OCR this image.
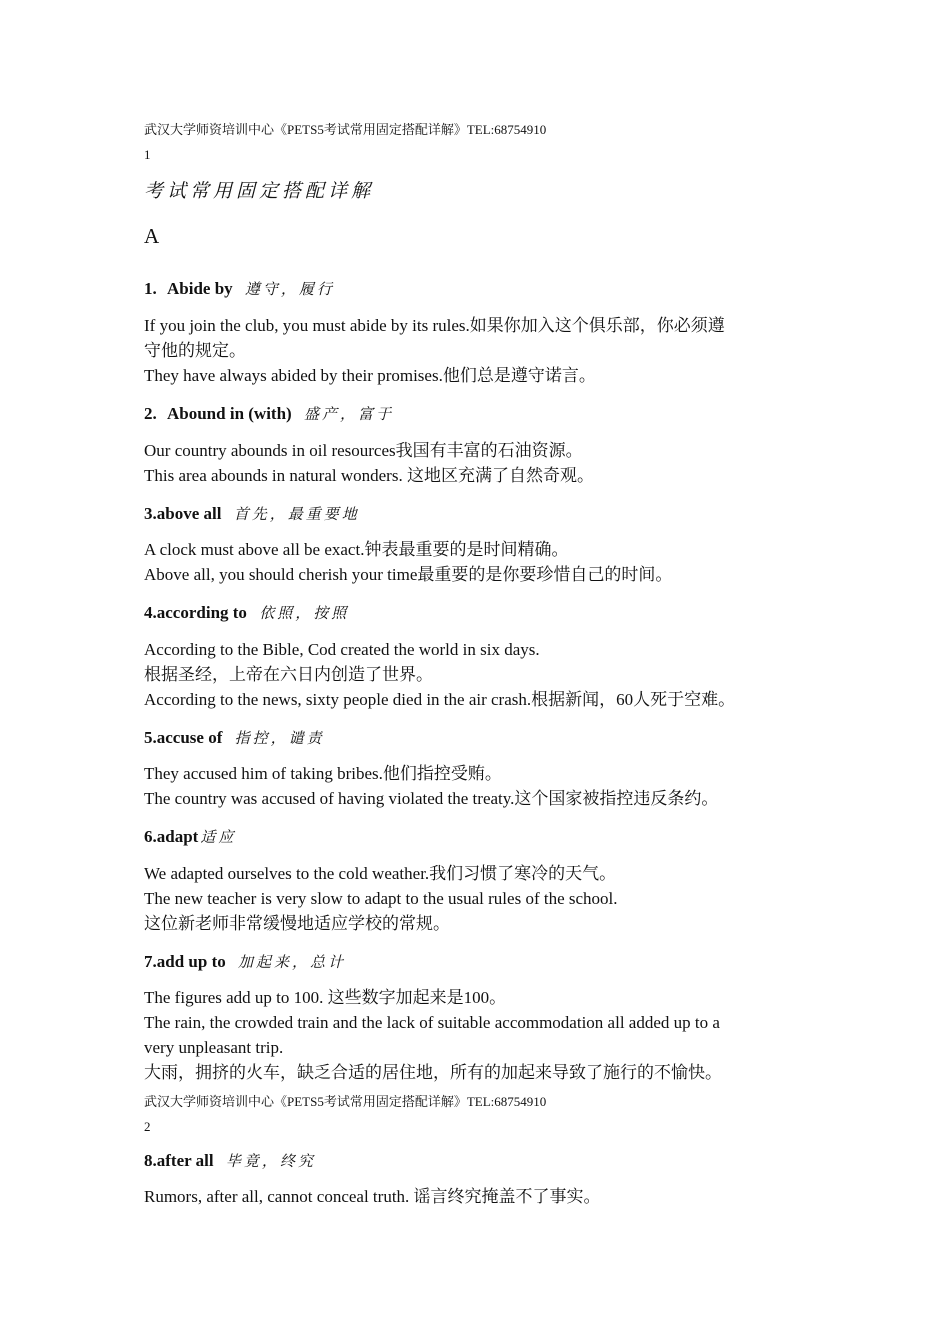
武汉大学师资培训中心《PETS5考试常用固定搭配详解》TEL:68754910
1
考试常用固定搭配详解
A
1. Abide by 遵守，履行
If you join the club, you must abide by its rules.如果你加入这个俱乐部，你必须遵
守他的规定。
They have always abided by their promises.他们总是遵守诺言。
2. Abound in (with) 盛产，富于
Our country abounds in oil resources我国有丰富的石油资源。
This area abounds in natural wonders. 这地区充满了自然奇观。
3.above all 首先，最重要地
A clock must above all be exact.钟表最重要的是时间精确。
Above all, you should cherish your time最重要的是你要珍惜自己的时间。
4.according to 依照，按照
According to the Bible, Cod created the world in six days.
根据圣经，上帝在六日内创造了世界。
According to the news, sixty people died in the air crash.根据新闻，60人死于空难。
5.accuse of 指控，谴责
They accused him of taking bribes.他们指控受贿。
The country was accused of having violated the treaty.这个国家被指控违反条约。
6.adapt 适应
We adapted ourselves to the cold weather.我们习惯了寒冷的天气。
The new teacher is very slow to adapt to the usual rules of the school.
这位新老师非常缓慢地适应学校的常规。
7.add up to 加起来，总计
The figures add up to 100. 这些数字加起来是100。
The rain, the crowded train and the lack of suitable accommodation all added up to a
very unpleasant trip.
大雨，拥挤的火车，缺乏合适的居住地，所有的加起来导致了施行的不愉快。
武汉大学师资培训中心《PETS5考试常用固定搭配详解》TEL:68754910
2
8.after all 毕竟，终究
Rumors, after all, cannot conceal truth. 谣言终究掩盖不了事实。
